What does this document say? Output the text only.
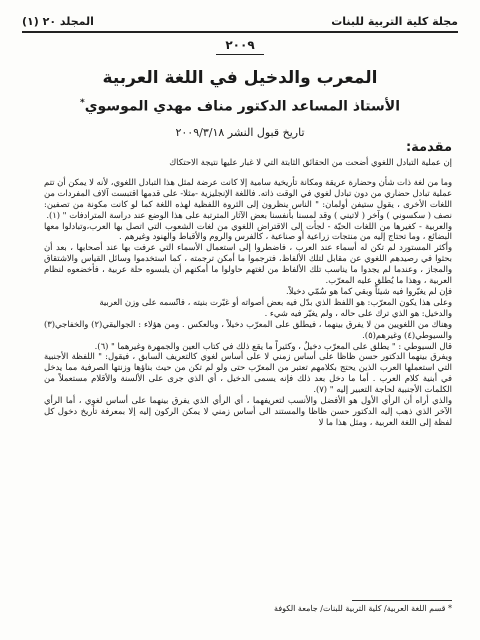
مجلة كلية التربية للبنات
المجلد ٢٠ (١)
٢٠٠٩
المعرب والدخيل في اللغة العربية
الأستاذ المساعد الدكتور مناف مهدي الموسوي*
تاريخ قبول النشر ٢٠٠٩/٣/١٨
مقدمة:

إن عملية التبادل اللغوي أضحت من الحقائق الثابتة التي لا غبار عليها نتيجة الاحتكاك

وما من لغة ذات شأن وحضارة عريقة ومكانة تأريخية سامية إلا كانت عرضة لمثل هذا التبادل اللغوي، لأنه لا يمكن أن تتم عملية تبادل حضاري من دون تبادل لغوي في الوقت ذاته. فاللغة الإنجليزية -مثلا- على قدمها اقتبست آلاف المفردات من اللغات الأخرى ، يقول ستيفن أولمان: " الناس ينظرون إلى الثروة اللفظية لهذه اللغة كما لو كانت مكونة من تصفين: نصف ( سكسوني ) وآخر ( لاتيني ) وقد لمسنا بأنفسنا بعض الآثار المترتبة على هذا الوضع عند دراسة المترادفات " (١).

والعربية - كغيرها من اللغات الحيّة - لجأت إلى الاقتراض اللغوي من لغات الشعوب التي اتصل بها العرب،وتبادلوا معها البضائع ، وما تحتاج إليه من منتجات زراعية أو صناعية ، كالفرس والروم والأقباط والهنود وغيرهم .

وأكثر المستورد لم تكن له أسماء عند العرب ، فاضطروا إلى استعمال الأسماء التي عرفت بها عند أصحابها ، بعد أن بحثوا في رصيدهم اللغوي عن مقابل لتلك الألفاظ، فترجموا ما أمكن ترجمته ، كما استخدموا وسائل القياس والاشتقاق والمجاز ، وعندما لم يجدوا ما يناسب تلك الألفاظ من لغتهم حاولوا ما أمكنهم أن يلبسوه حلة عربية ، فأخضعوه لنظام العربية ، وهذا ما يُطلق عليه المعرّب.

فإن لم يغيّروا فيه شيئاً وبقي كما هو سُمّي دخيلاً.

وعلى هذا يكون المعرّب: هو اللفظ الذي بدّل فيه بعض أصواته أو غيّرت بنيته ، فاتّسمه على وزن العربية

والدخيل: هو الذي ترك على حاله ، ولم يغيّر فيه شيء .

وهناك من اللغويين من لا يفرق بينهما ، فيطلق على المعرّب دخيلاً ، وبالعكس . ومن هؤلاء : الجواليقي(٢) والخفاجي(٣) والسيوطي(٤) وغيرهم(٥).

قال السيوطي : " يطلق على المعرّب دخيلٌ ، وكثيراً ما يقع ذلك في كتاب العين والجمهرة وغيرهما " (٦).

ويفرق بينهما الدكتور حسن ظاظا على أساس زمني لا على أساس لغوي كالتعريف السابق ، فيقول: " اللفظة الأجنبية التي استعملها العرب الذين يحتج بكلامهم تعتبر من المعرّب حتى ولو لم تكن من حيث بناؤها وزنتها الصرفية مما يدخل في أبنية كلام العرب . أما ما دخل بعد ذلك فإنه يسمى الدخيل ، أي الذي جرى على الألسنة والأقلام مستعملاً من الكلمات الأجنبية لحاجة التعبير إليه " (٧).

والذي أراه أن الرأي الأول هو الأفضل والأنسب لتعريفهما ، أي الرأي الذي يفرق بينهما على أساس لغوي ، أما الرأي الآخر الذي ذهب إليه الدكتور حسن ظاظا والمستند الى أساس زمني لا يمكن الركون إليه إلا بمعرفة تأريخ دخول كل لفظة إلى اللغة العربية ، ومثل هذا ما لا

* قسم اللغة العربية/ كلية التربية للبنات/ جامعة الكوفة
